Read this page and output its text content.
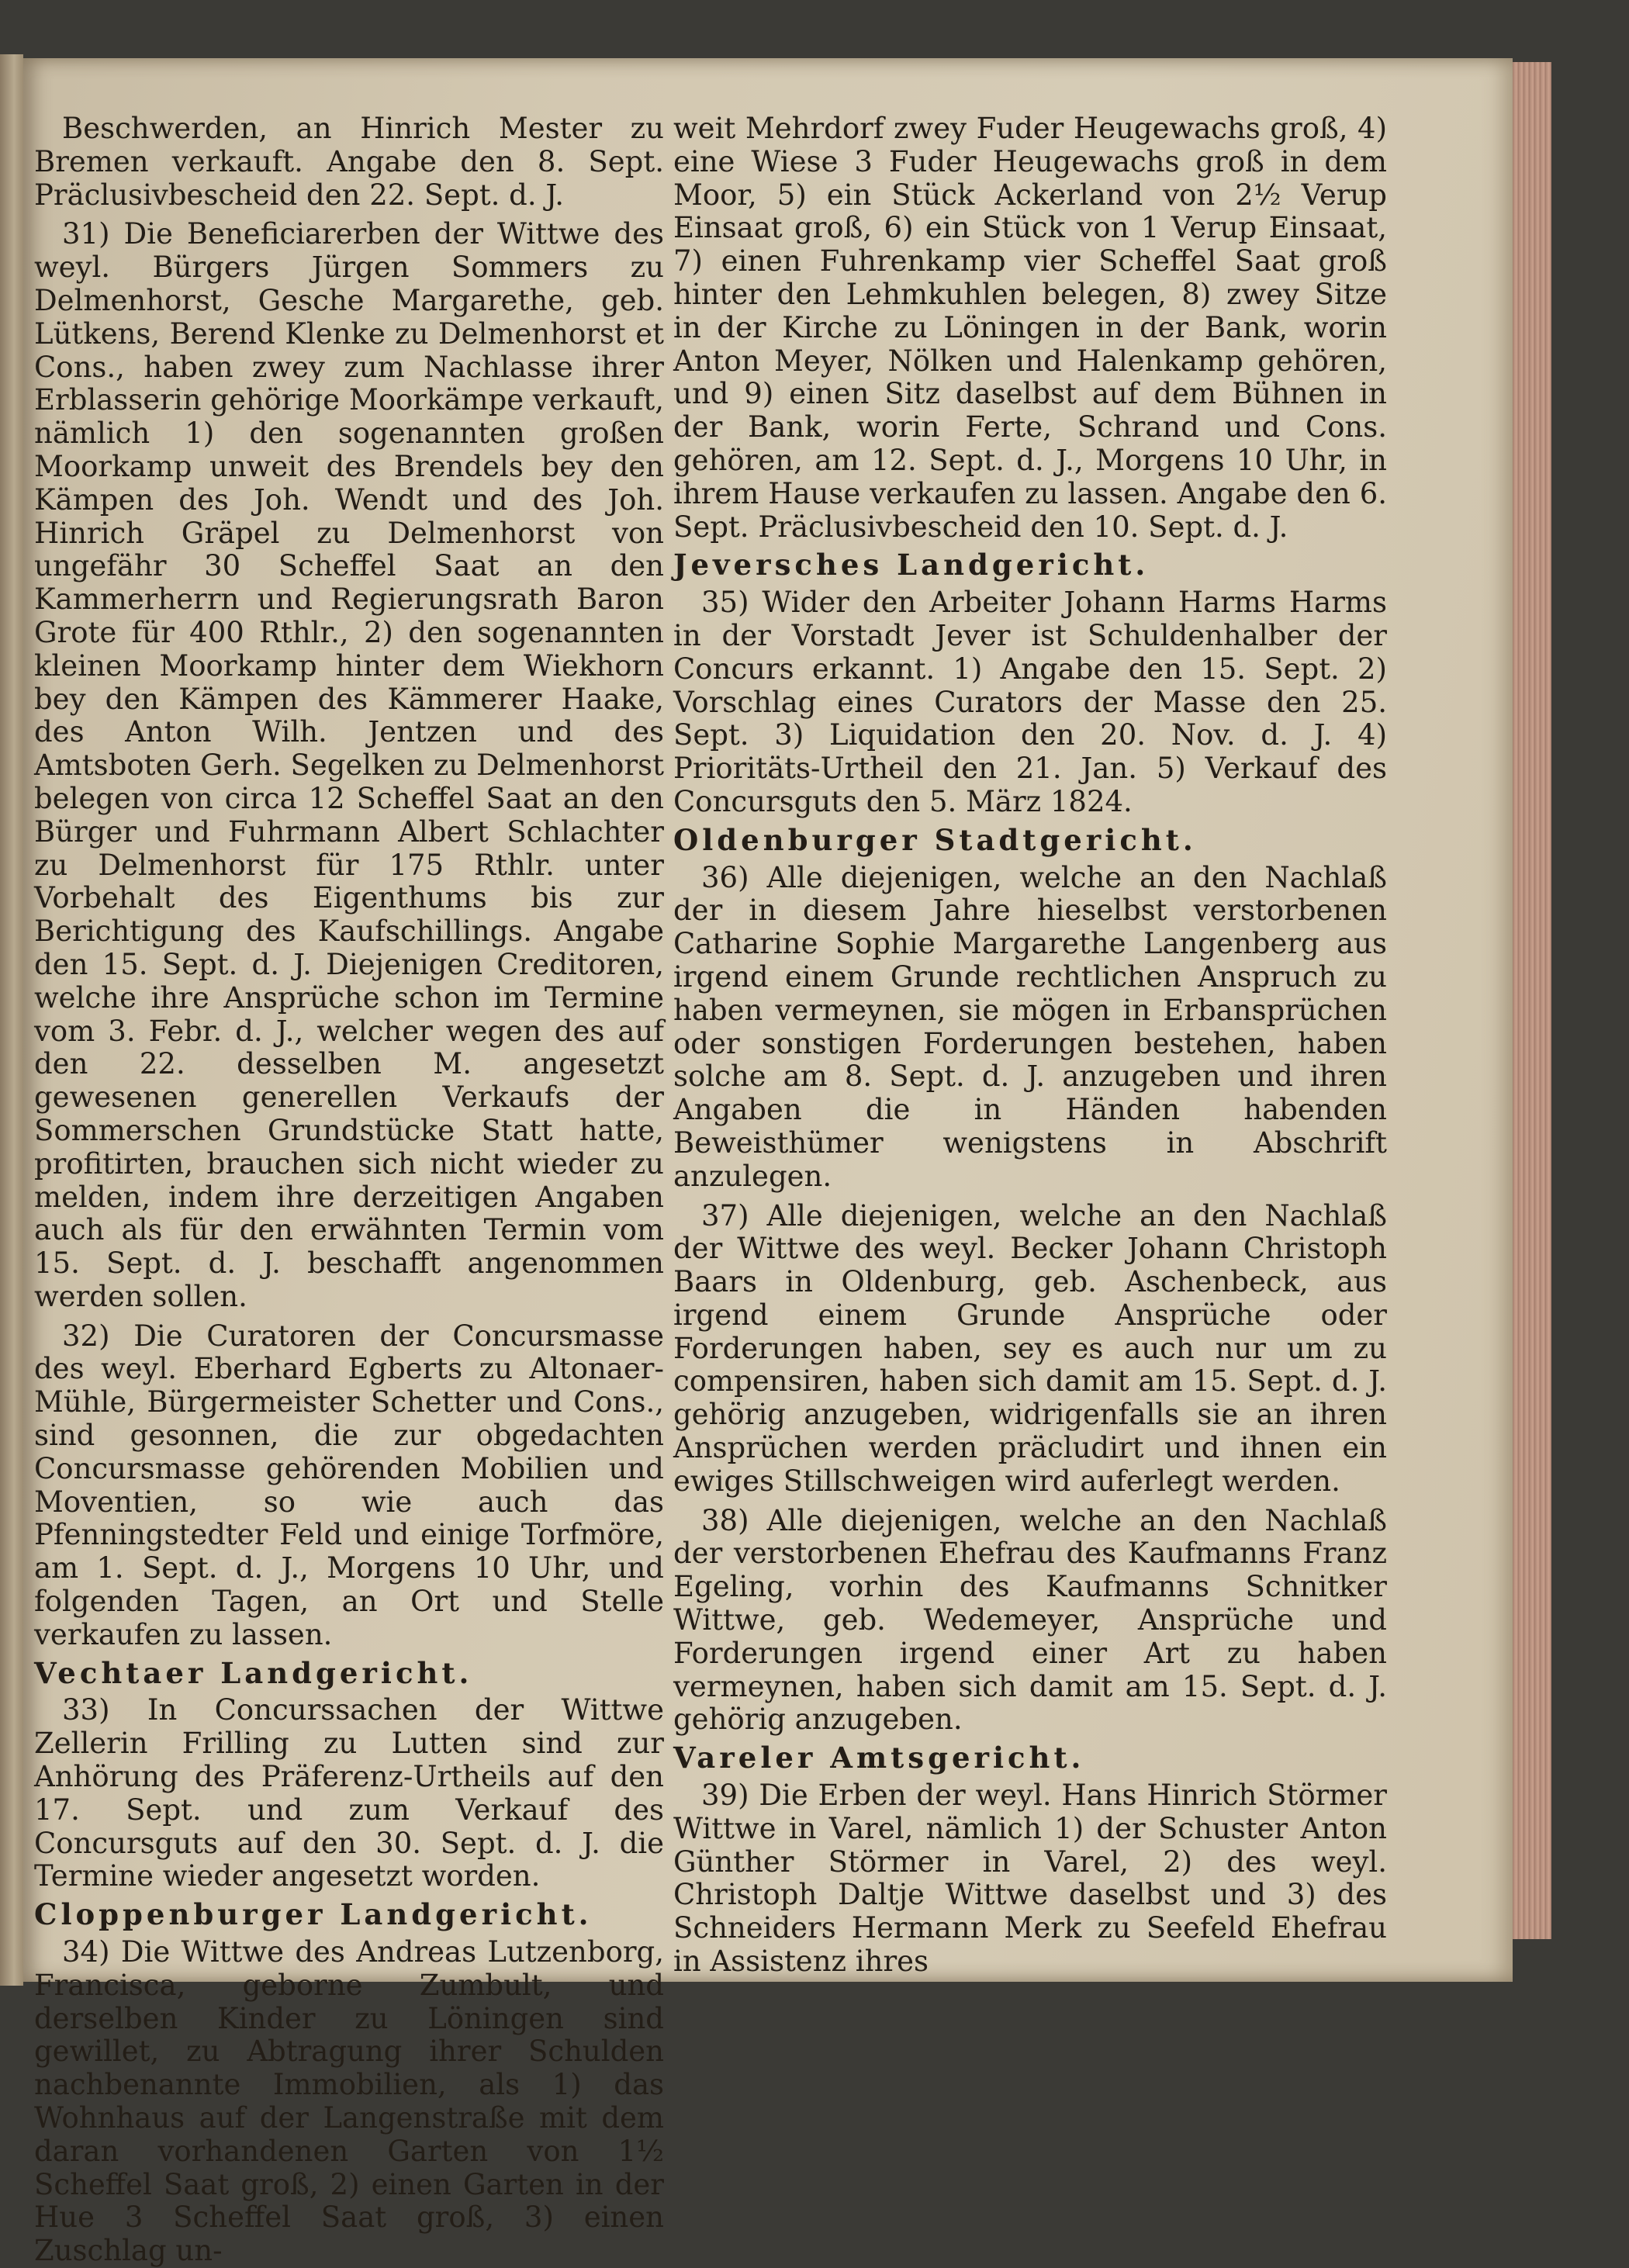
Beschwerden, an Hinrich Mester zu Bremen verkauft. Angabe den 8. Sept. Präclusivbescheid den 22. Sept. d. J.

31) Die Beneficiarerben der Wittwe des weyl. Bürgers Jürgen Sommers zu Delmenhorst, Gesche Margarethe, geb. Lütkens, Berend Klenke zu Delmenhorst et Cons., haben zwey zum Nachlasse ihrer Erblasserin gehörige Moorkämpe verkauft, nämlich 1) den sogenannten großen Moorkamp unweit des Brendels bey den Kämpen des Joh. Wendt und des Joh. Hinrich Gräpel zu Delmenhorst von ungefähr 30 Scheffel Saat an den Kammerherrn und Regierungsrath Baron Grote für 400 Rthlr., 2) den sogenannten kleinen Moorkamp hinter dem Wiekhorn bey den Kämpen des Kämmerer Haake, des Anton Wilh. Jentzen und des Amtsboten Gerh. Segelken zu Delmenhorst belegen von circa 12 Scheffel Saat an den Bürger und Fuhrmann Albert Schlachter zu Delmenhorst für 175 Rthlr. unter Vorbehalt des Eigenthums bis zur Berichtigung des Kaufschillings. Angabe den 15. Sept. d. J. Diejenigen Creditoren, welche ihre Ansprüche schon im Termine vom 3. Febr. d. J., welcher wegen des auf den 22. desselben M. angesetzt gewesenen generellen Verkaufs der Sommerschen Grundstücke Statt hatte, profitirten, brauchen sich nicht wieder zu melden, indem ihre derzeitigen Angaben auch als für den erwähnten Termin vom 15. Sept. d. J. beschafft angenommen werden sollen.

32) Die Curatoren der Concursmasse des weyl. Eberhard Egberts zu Altonaer-Mühle, Bürgermeister Schetter und Cons., sind gesonnen, die zur obgedachten Concursmasse gehörenden Mobilien und Moventien, so wie auch das Pfenningstedter Feld und einige Torfmöre, am 1. Sept. d. J., Morgens 10 Uhr, und folgenden Tagen, an Ort und Stelle verkaufen zu lassen.

Vechtaer Landgericht.

33) In Concurssachen der Wittwe Zellerin Frilling zu Lutten sind zur Anhörung des Präferenz-Urtheils auf den 17. Sept. und zum Verkauf des Concursguts auf den 30. Sept. d. J. die Termine wieder angesetzt worden.

Cloppenburger Landgericht.

34) Die Wittwe des Andreas Lutzenborg, Francisca, geborne Zumbult, und derselben Kinder zu Löningen sind gewillet, zu Abtragung ihrer Schulden nachbenannte Immobilien, als 1) das Wohnhaus auf der Langenstraße mit dem daran vorhandenen Garten von 1½ Scheffel Saat groß, 2) einen Garten in der Hue 3 Scheffel Saat groß, 3) einen Zuschlag un-

weit Mehrdorf zwey Fuder Heugewachs groß, 4) eine Wiese 3 Fuder Heugewachs groß in dem Moor, 5) ein Stück Ackerland von 2½ Verup Einsaat groß, 6) ein Stück von 1 Verup Einsaat, 7) einen Fuhrenkamp vier Scheffel Saat groß hinter den Lehmkuhlen belegen, 8) zwey Sitze in der Kirche zu Löningen in der Bank, worin Anton Meyer, Nölken und Halenkamp gehören, und 9) einen Sitz daselbst auf dem Bühnen in der Bank, worin Ferte, Schrand und Cons. gehören, am 12. Sept. d. J., Morgens 10 Uhr, in ihrem Hause verkaufen zu lassen. Angabe den 6. Sept. Präclusivbescheid den 10. Sept. d. J.

Jeversches Landgericht.

35) Wider den Arbeiter Johann Harms Harms in der Vorstadt Jever ist Schuldenhalber der Concurs erkannt. 1) Angabe den 15. Sept. 2) Vorschlag eines Curators der Masse den 25. Sept. 3) Liquidation den 20. Nov. d. J. 4) Prioritäts-Urtheil den 21. Jan. 5) Verkauf des Concursguts den 5. März 1824.

Oldenburger Stadtgericht.

36) Alle diejenigen, welche an den Nachlaß der in diesem Jahre hieselbst verstorbenen Catharine Sophie Margarethe Langenberg aus irgend einem Grunde rechtlichen Anspruch zu haben vermeynen, sie mögen in Erbansprüchen oder sonstigen Forderungen bestehen, haben solche am 8. Sept. d. J. anzugeben und ihren Angaben die in Händen habenden Beweisthümer wenigstens in Abschrift anzulegen.

37) Alle diejenigen, welche an den Nachlaß der Wittwe des weyl. Becker Johann Christoph Baars in Oldenburg, geb. Aschenbeck, aus irgend einem Grunde Ansprüche oder Forderungen haben, sey es auch nur um zu compensiren, haben sich damit am 15. Sept. d. J. gehörig anzugeben, widrigenfalls sie an ihren Ansprüchen werden präcludirt und ihnen ein ewiges Stillschweigen wird auferlegt werden.

38) Alle diejenigen, welche an den Nachlaß der verstorbenen Ehefrau des Kaufmanns Franz Egeling, vorhin des Kaufmanns Schnitker Wittwe, geb. Wedemeyer, Ansprüche und Forderungen irgend einer Art zu haben vermeynen, haben sich damit am 15. Sept. d. J. gehörig anzugeben.

Vareler Amtsgericht.

39) Die Erben der weyl. Hans Hinrich Störmer Wittwe in Varel, nämlich 1) der Schuster Anton Günther Störmer in Varel, 2) des weyl. Christoph Daltje Wittwe daselbst und 3) des Schneiders Hermann Merk zu Seefeld Ehefrau in Assistenz ihres
